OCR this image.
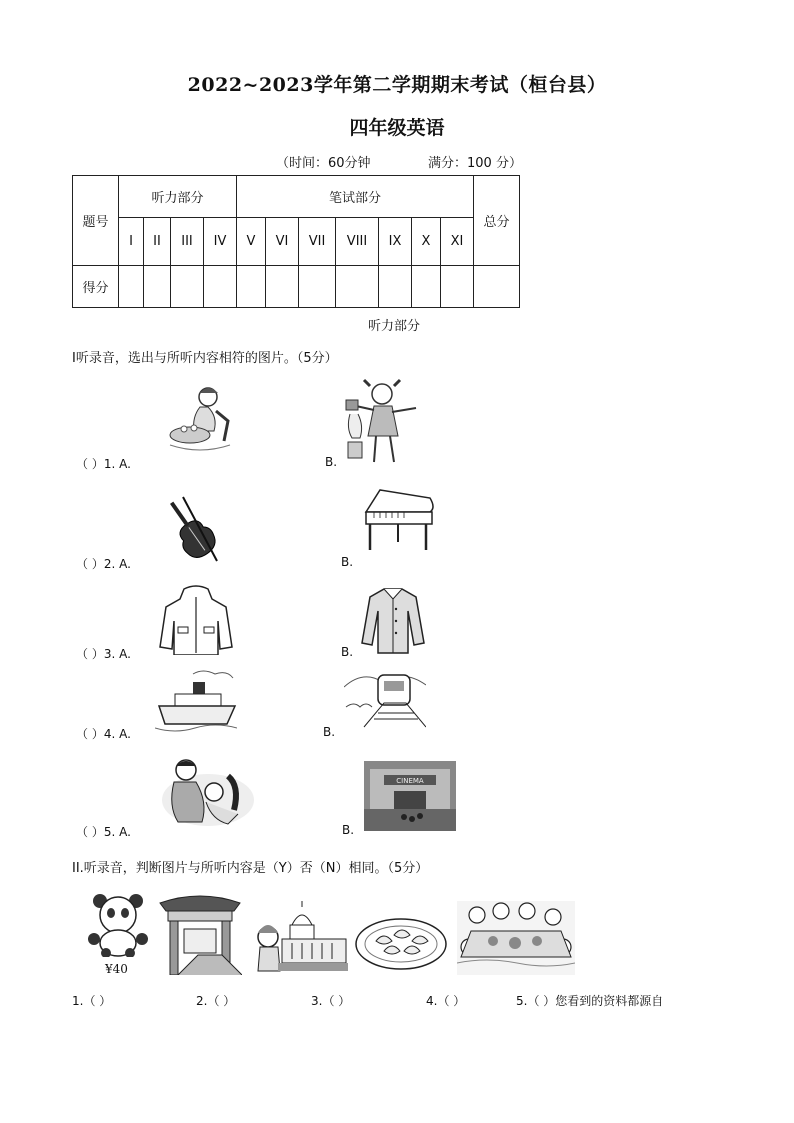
2022~2023学年第二学期期末考试（桓台县）
四年级英语
（时间：60分钟	满分：100 分）
题号	听力部分				笔试部分							总分
	I	II	III	IV	V	VI	VII	VIII	IX	X	XI	
得分												
听力部分
I听录音，选出与所听内容相符的图片。（5分）
（ ）1. A.	B.
（ ）2. A.	B.
（ ）3. A.	B.
（ ）4. A.	B.
（ ）5. A.	B.
CINEMA
II.听录音，判断图片与所听内容是（Y）否（N）相同。（5分）
¥40
1.（ ）	2.（ ）	3.（ ）	4.（ ）	5.（ ）您看到的资料都源自
